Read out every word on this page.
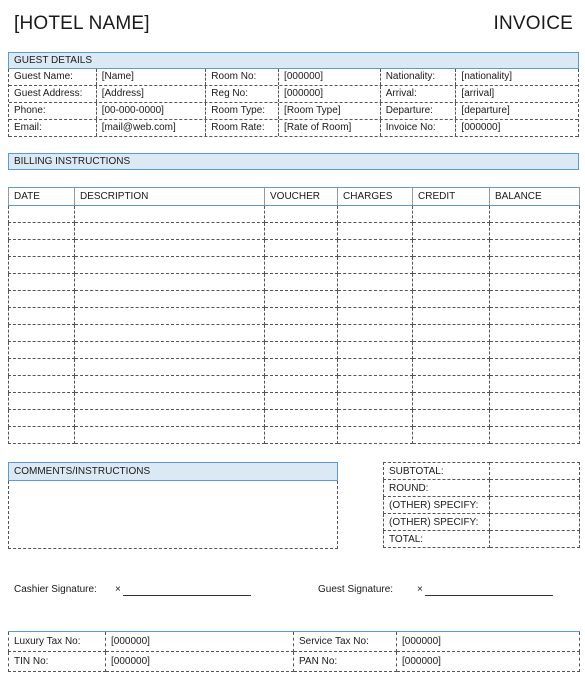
[HOTEL NAME]	INVOICE
GUEST DETAILS
Guest Name:	[Name]	Room No:	[000000]	Nationality:	[nationality]
Guest Address:	[Address]	Reg No:	[000000]	Arrival:	[arrival]
Phone:	[00-000-0000]	Room Type:	[Room Type]	Departure:	[departure]
Email:	[mail@web.com]	Room Rate:	[Rate of Room]	Invoice No:	[000000]
BILLING INSTRUCTIONS
DATE	DESCRIPTION	VOUCHER	CHARGES	CREDIT	BALANCE

COMMENTS/INSTRUCTIONS	SUBTOTAL:	
ROUND:	
(OTHER) SPECIFY:	
(OTHER) SPECIFY:	
TOTAL:	
Cashier Signature: ×	Guest Signature: ×
Luxury Tax No:	[000000]	Service Tax No:	[000000]
TIN No:	[000000]	PAN No:	[000000]
